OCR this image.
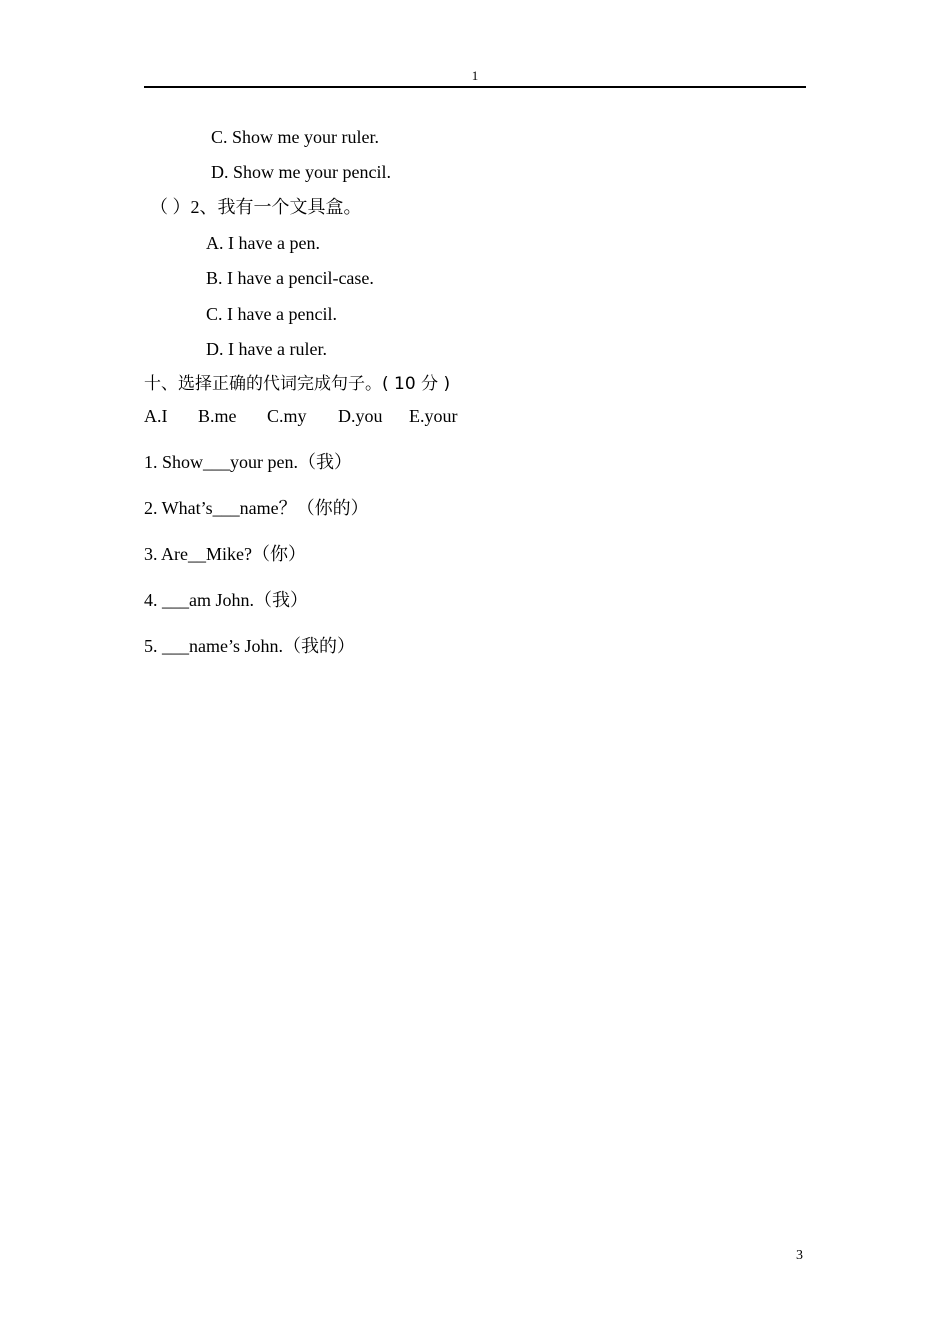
1
C. Show me your ruler.
D. Show me your pencil.
（ ）2、我有一个文具盒。
A. I have a pen.
B. I have a pencil-case.
C. I have a pencil.
D. I have a ruler.
十、选择正确的代词完成句子。( 10 分 )
A.I B.me C.my D.you E.your
1. Show___your pen.（我）
2. What’s___name？（你的）
3. Are__Mike?（你）
4. ___am John.（我）
5. ___name’s John.（我的）
3
